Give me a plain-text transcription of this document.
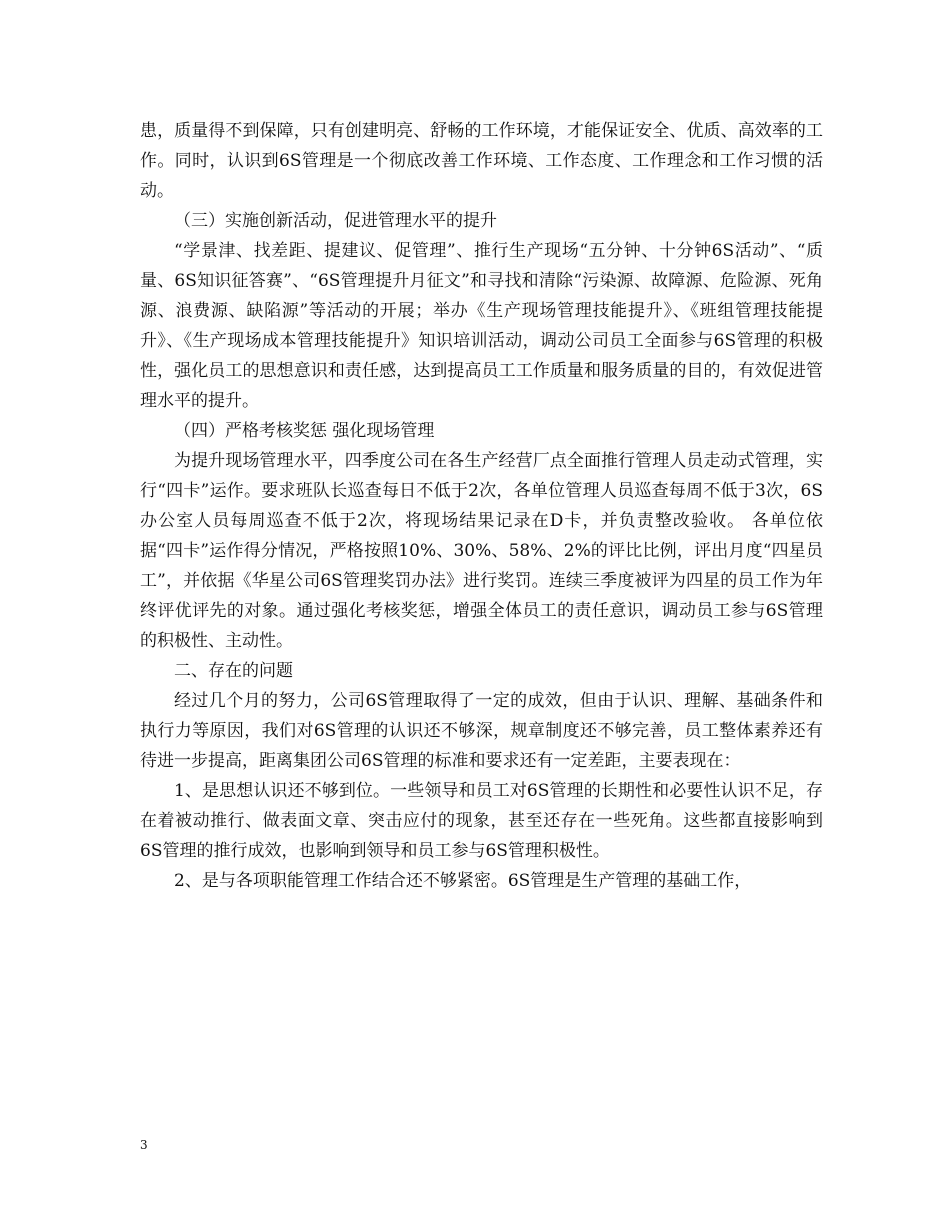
患，质量得不到保障，只有创建明亮、舒畅的工作环境，才能保证安全、优质、高效率的工作。同时，认识到6S管理是一个彻底改善工作环境、工作态度、工作理念和工作习惯的活动。

（三）实施创新活动，促进管理水平的提升

“学景津、找差距、提建议、促管理”、推行生产现场“五分钟、十分钟6S活动”、“质量、6S知识征答赛”、“6S管理提升月征文”和寻找和清除“污染源、故障源、危险源、死角源、浪费源、缺陷源”等活动的开展；举办《生产现场管理技能提升》、《班组管理技能提升》、《生产现场成本管理技能提升》知识培训活动，调动公司员工全面参与6S管理的积极性，强化员工的思想意识和责任感，达到提高员工工作质量和服务质量的目的，有效促进管理水平的提升。

（四）严格考核奖惩 强化现场管理

为提升现场管理水平，四季度公司在各生产经营厂点全面推行管理人员走动式管理，实行“四卡”运作。要求班队长巡查每日不低于2次，各单位管理人员巡查每周不低于3次，6S办公室人员每周巡查不低于2次，将现场结果记录在D卡，并负责整改验收。 各单位依据“四卡”运作得分情况，严格按照10%、30%、58%、2%的评比比例，评出月度“四星员工”，并依据《华星公司6S管理奖罚办法》进行奖罚。连续三季度被评为四星的员工作为年终评优评先的对象。通过强化考核奖惩，增强全体员工的责任意识，调动员工参与6S管理的积极性、主动性。

二、存在的问题

经过几个月的努力，公司6S管理取得了一定的成效，但由于认识、理解、基础条件和执行力等原因，我们对6S管理的认识还不够深，规章制度还不够完善，员工整体素养还有待进一步提高，距离集团公司6S管理的标准和要求还有一定差距，主要表现在：

1、是思想认识还不够到位。一些领导和员工对6S管理的长期性和必要性认识不足，存在着被动推行、做表面文章、突击应付的现象，甚至还存在一些死角。这些都直接影响到6S管理的推行成效，也影响到领导和员工参与6S管理积极性。

2、是与各项职能管理工作结合还不够紧密。6S管理是生产管理的基础工作，

3
